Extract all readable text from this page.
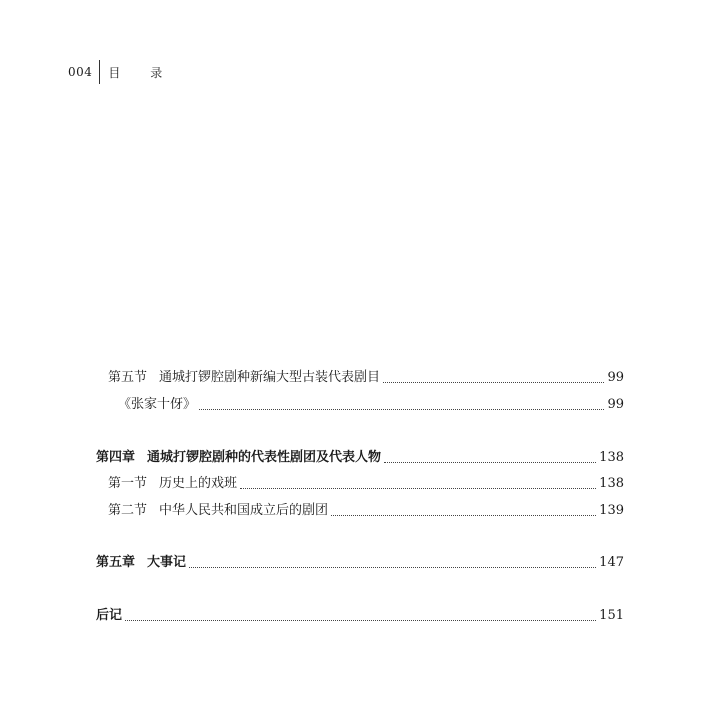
004 目 录
第五节 通城打锣腔剧种新编大型古装代表剧目	99
《张家十伢》	99
第四章 通城打锣腔剧种的代表性剧团及代表人物	138
第一节 历史上的戏班	138
第二节 中华人民共和国成立后的剧团	139
第五章 大事记	147
后记	151
